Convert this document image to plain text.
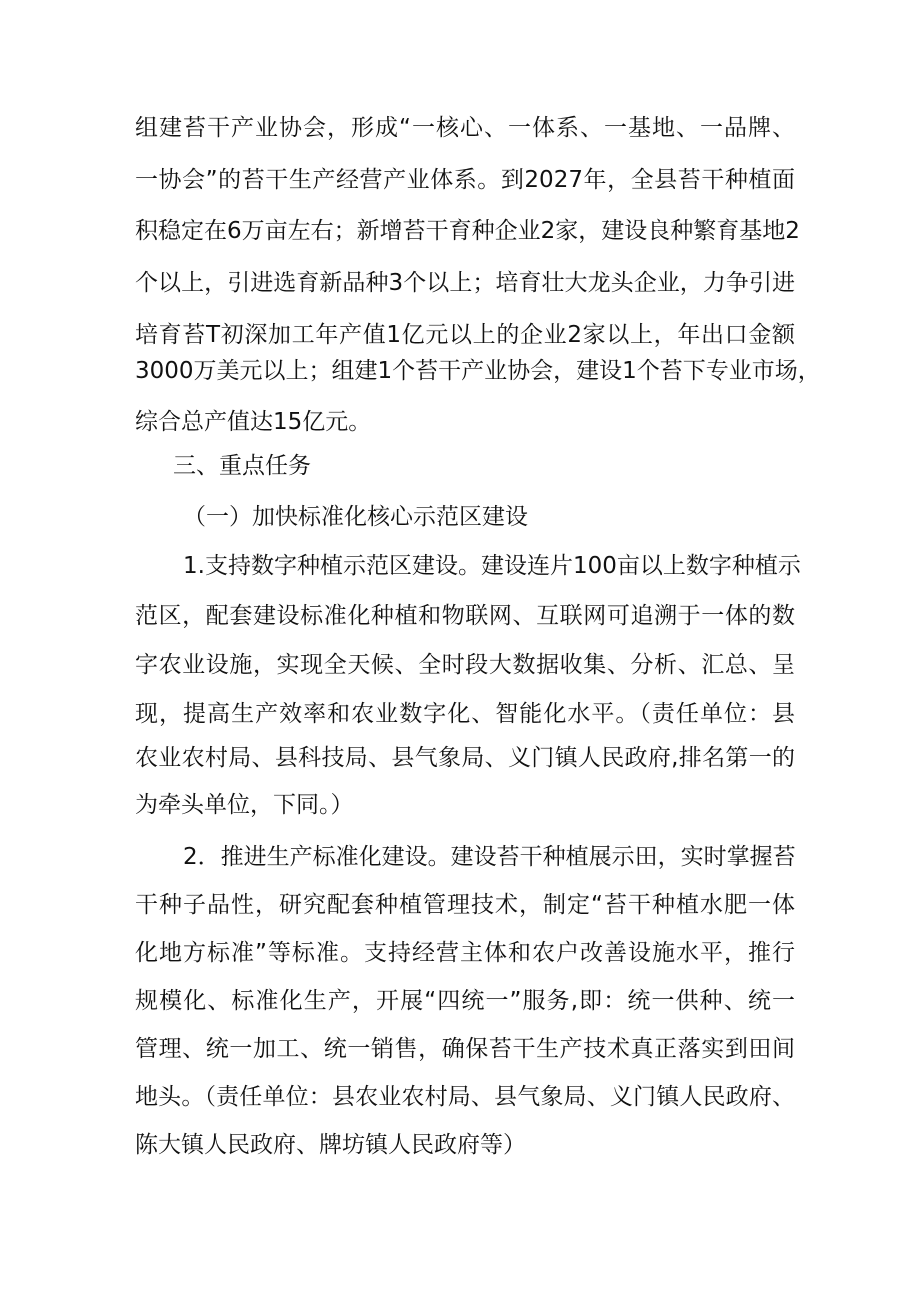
组建苔干产业协会，形成“一核心、一体系、一基地、一品牌、
一协会”的苔干生产经营产业体系。到2027年，全县苔干种植面
积稳定在6万亩左右；新增苔干育种企业2家，建设良种繁育基地2
个以上，引进选育新品种3个以上；培育壮大龙头企业，力争引进
培育苔T初深加工年产值1亿元以上的企业2家以上，年出口金额
3000万美元以上；组建1个苔干产业协会，建设1个苔下专业市场，
综合总产值达15亿元。
三、重点任务
（一）加快标准化核心示范区建设
1.支持数字种植示范区建设。建设连片100亩以上数字种植示
范区，配套建设标准化种植和物联网、互联网可追溯于一体的数
字农业设施，实现全天候、全时段大数据收集、分析、汇总、呈
现，提高生产效率和农业数字化、智能化水平。（责任单位：县
农业农村局、县科技局、县气象局、义门镇人民政府,排名第一的
为牵头单位，下同。）
2．推进生产标准化建设。建设苔干种植展示田，实时掌握苔
干种子品性，研究配套种植管理技术，制定“苔干种植水肥一体
化地方标准”等标准。支持经营主体和农户改善设施水平，推行
规模化、标准化生产，开展“四统一”服务,即：统一供种、统一
管理、统一加工、统一销售，确保苔干生产技术真正落实到田间
地头。（责任单位：县农业农村局、县气象局、义门镇人民政府、
陈大镇人民政府、牌坊镇人民政府等）
